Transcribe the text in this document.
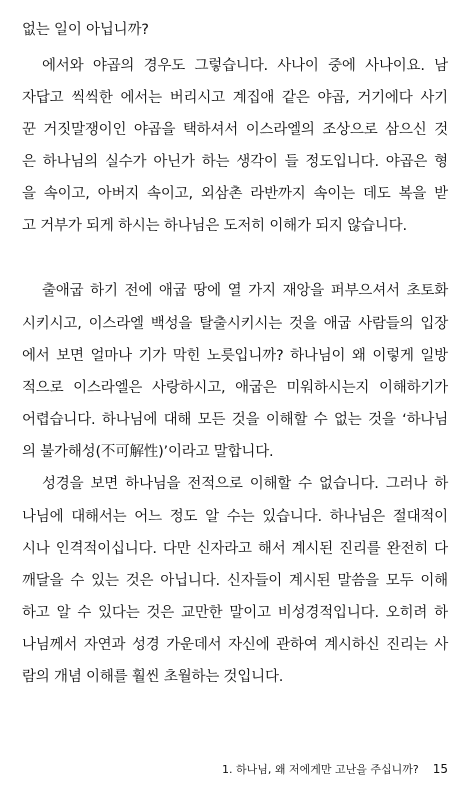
없는 일이 아닙니까?
에서와 야곱의 경우도 그렇습니다. 사나이 중에 사나이요. 남
자답고 씩씩한 에서는 버리시고 계집애 같은 야곱, 거기에다 사기
꾼 거짓말쟁이인 야곱을 택하셔서 이스라엘의 조상으로 삼으신 것
은 하나님의 실수가 아닌가 하는 생각이 들 정도입니다. 야곱은 형
을 속이고, 아버지 속이고, 외삼촌 라반까지 속이는 데도 복을 받
고 거부가 되게 하시는 하나님은 도저히 이해가 되지 않습니다.
출애굽 하기 전에 애굽 땅에 열 가지 재앙을 퍼부으셔서 초토화
시키시고, 이스라엘 백성을 탈출시키시는 것을 애굽 사람들의 입장
에서 보면 얼마나 기가 막힌 노릇입니까? 하나님이 왜 이렇게 일방
적으로 이스라엘은 사랑하시고, 애굽은 미워하시는지 이해하기가
어렵습니다. 하나님에 대해 모든 것을 이해할 수 없는 것을 ‘하나님
의 불가해성(不可解性)’이라고 말합니다.
성경을 보면 하나님을 전적으로 이해할 수 없습니다. 그러나 하
나님에 대해서는 어느 정도 알 수는 있습니다. 하나님은 절대적이
시나 인격적이십니다. 다만 신자라고 해서 계시된 진리를 완전히 다
깨달을 수 있는 것은 아닙니다. 신자들이 계시된 말씀을 모두 이해
하고 알 수 있다는 것은 교만한 말이고 비성경적입니다. 오히려 하
나님께서 자연과 성경 가운데서 자신에 관하여 계시하신 진리는 사
람의 개념 이해를 훨씬 초월하는 것입니다.
1. 하나님, 왜 저에게만 고난을 주십니까? 15
